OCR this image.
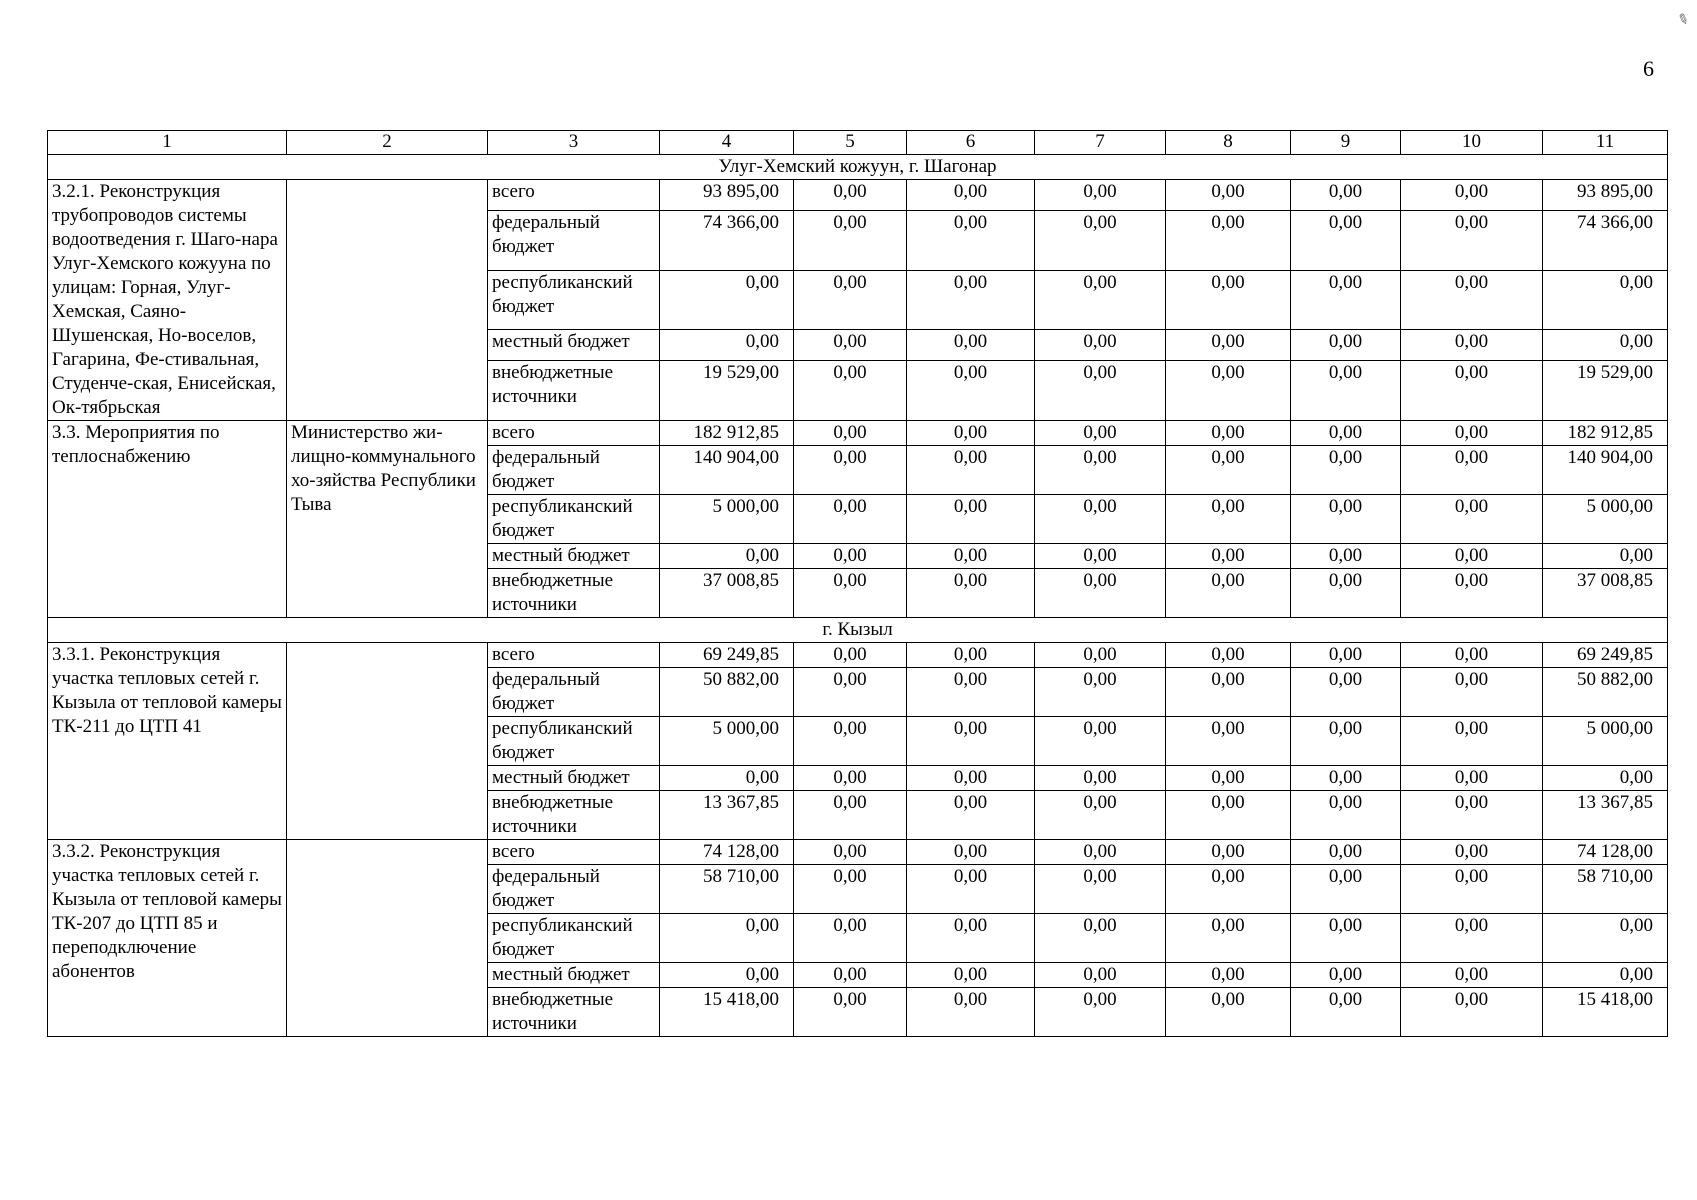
✎
6
1	2	3	4	5	6	7	8	9	10	11
Улуг-Хемский кожуун, г. Шагонар										
3.2.1. Реконструкция трубопроводов системы водоотведения г. Шаго-нара Улуг-Хемского кожууна по улицам: Горная, Улуг-Хемская, Саяно-Шушенская, Но-воселов, Гагарина, Фе-стивальная, Студенче-ская, Енисейская, Ок-тябрьская		всего	93 895,00	0,00	0,00	0,00	0,00	0,00	0,00	93 895,00
		федеральный бюджет	74 366,00	0,00	0,00	0,00	0,00	0,00	0,00	74 366,00
		республиканский бюджет	0,00	0,00	0,00	0,00	0,00	0,00	0,00	0,00
		местный бюджет	0,00	0,00	0,00	0,00	0,00	0,00	0,00	0,00
		внебюджетные источники	19 529,00	0,00	0,00	0,00	0,00	0,00	0,00	19 529,00
3.3. Мероприятия по теплоснабжению	Министерство жи-лищно-коммунального хо-зяйства Республики Тыва	всего	182 912,85	0,00	0,00	0,00	0,00	0,00	0,00	182 912,85
		федеральный бюджет	140 904,00	0,00	0,00	0,00	0,00	0,00	0,00	140 904,00
		республиканский бюджет	5 000,00	0,00	0,00	0,00	0,00	0,00	0,00	5 000,00
		местный бюджет	0,00	0,00	0,00	0,00	0,00	0,00	0,00	0,00
		внебюджетные источники	37 008,85	0,00	0,00	0,00	0,00	0,00	0,00	37 008,85
г. Кызыл										
3.3.1. Реконструкция участка тепловых сетей г. Кызыла от тепловой камеры ТК-211 до ЦТП 41		всего	69 249,85	0,00	0,00	0,00	0,00	0,00	0,00	69 249,85
		федеральный бюджет	50 882,00	0,00	0,00	0,00	0,00	0,00	0,00	50 882,00
		республиканский бюджет	5 000,00	0,00	0,00	0,00	0,00	0,00	0,00	5 000,00
		местный бюджет	0,00	0,00	0,00	0,00	0,00	0,00	0,00	0,00
		внебюджетные источники	13 367,85	0,00	0,00	0,00	0,00	0,00	0,00	13 367,85
3.3.2. Реконструкция участка тепловых сетей г. Кызыла от тепловой камеры ТК-207 до ЦТП 85 и переподключение абонентов		всего	74 128,00	0,00	0,00	0,00	0,00	0,00	0,00	74 128,00
		федеральный бюджет	58 710,00	0,00	0,00	0,00	0,00	0,00	0,00	58 710,00
		республиканский бюджет	0,00	0,00	0,00	0,00	0,00	0,00	0,00	0,00
		местный бюджет	0,00	0,00	0,00	0,00	0,00	0,00	0,00	0,00
		внебюджетные источники	15 418,00	0,00	0,00	0,00	0,00	0,00	0,00	15 418,00
